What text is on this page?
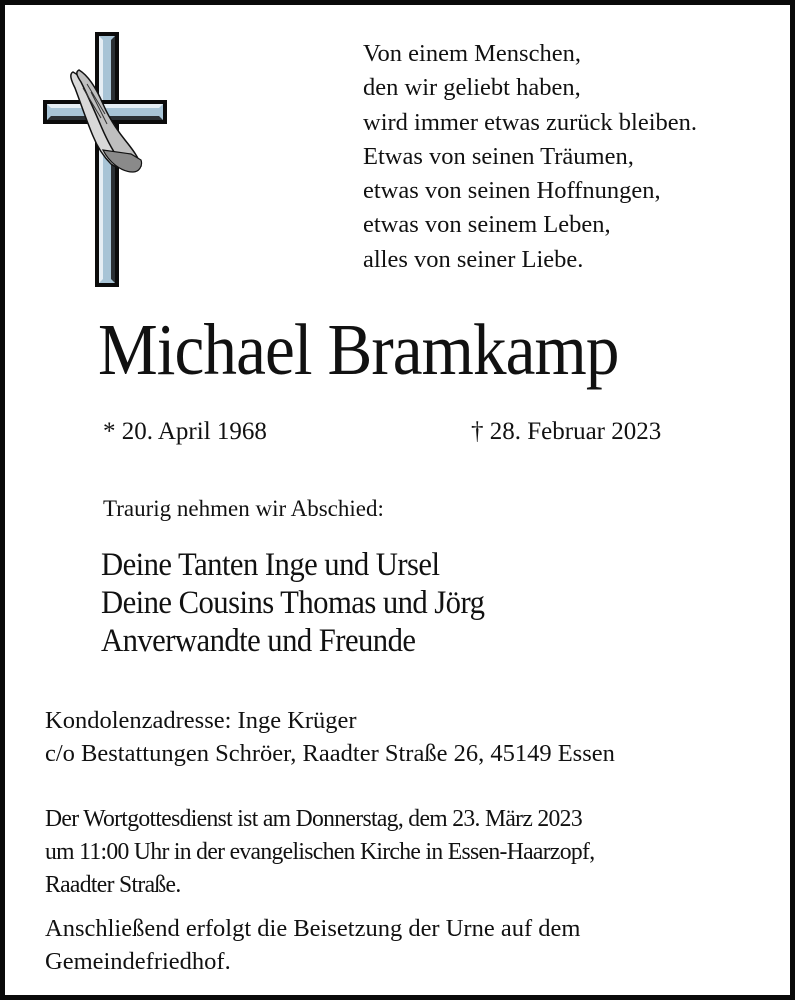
Von einem Menschen,
den wir geliebt haben,
wird immer etwas zurück bleiben.
Etwas von seinen Träumen,
etwas von seinen Hoffnungen,
etwas von seinem Leben,
alles von seiner Liebe.
Michael Bramkamp
* 20. April 1968	† 28. Februar 2023
Traurig nehmen wir Abschied:
Deine Tanten Inge und Ursel
Deine Cousins Thomas und Jörg
Anverwandte und Freunde
Kondolenzadresse: Inge Krüger
c/o Bestattungen Schröer, Raadter Straße 26, 45149 Essen
Der Wortgottesdienst ist am Donnerstag, dem 23. März 2023
um 11:00 Uhr in der evangelischen Kirche in Essen-Haarzopf,
Raadter Straße.
Anschließend erfolgt die Beisetzung der Urne auf dem
Gemeindefriedhof.
